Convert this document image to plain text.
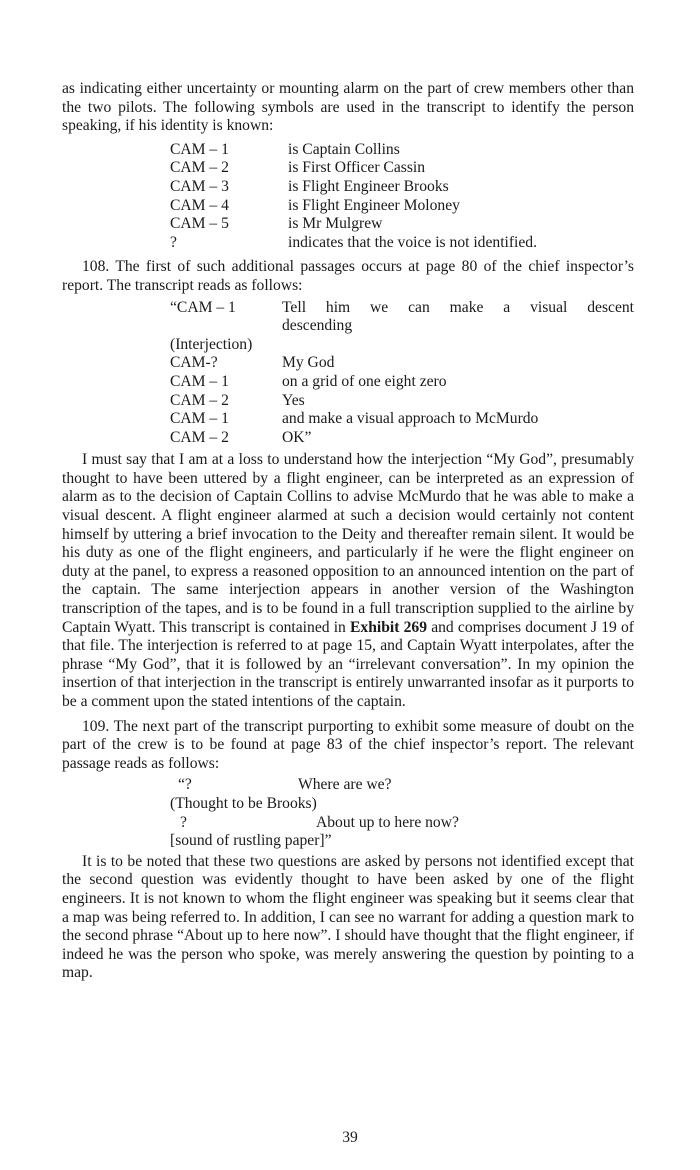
as indicating either uncertainty or mounting alarm on the part of crew members other than the two pilots. The following symbols are used in the transcript to identify the person speaking, if his identity is known:

CAM – 1	is Captain Collins
CAM – 2	is First Officer Cassin
CAM – 3	is Flight Engineer Brooks
CAM – 4	is Flight Engineer Moloney
CAM – 5	is Mr Mulgrew
?	indicates that the voice is not identified.

108. The first of such additional passages occurs at page 80 of the chief inspector’s report. The transcript reads as follows:

“CAM – 1	Tell him we can make a visual descent
	descending
(Interjection)	
CAM-?	My God
CAM – 1	on a grid of one eight zero
CAM – 2	Yes
CAM – 1	and make a visual approach to McMurdo
CAM – 2	OK”

I must say that I am at a loss to understand how the interjection “My God”, presumably thought to have been uttered by a flight engineer, can be interpreted as an expression of alarm as to the decision of Captain Collins to advise McMurdo that he was able to make a visual descent. A flight engineer alarmed at such a decision would certainly not content himself by uttering a brief invocation to the Deity and thereafter remain silent. It would be his duty as one of the flight engineers, and particularly if he were the flight engineer on duty at the panel, to express a reasoned opposition to an announced intention on the part of the captain. The same interjection appears in another version of the Washington transcription of the tapes, and is to be found in a full transcription supplied to the airline by Captain Wyatt. This transcript is contained in Exhibit 269 and comprises document J 19 of that file. The interjection is referred to at page 15, and Captain Wyatt interpolates, after the phrase “My God”, that it is followed by an “irrelevant conversation”. In my opinion the insertion of that interjection in the transcript is entirely unwarranted insofar as it purports to be a comment upon the stated intentions of the captain.

109. The next part of the transcript purporting to exhibit some measure of doubt on the part of the crew is to be found at page 83 of the chief inspector’s report. The relevant passage reads as follows:

“?	Where are we?
(Thought to be Brooks)	
?	About up to here now?
[sound of rustling paper]”	

It is to be noted that these two questions are asked by persons not identified except that the second question was evidently thought to have been asked by one of the flight engineers. It is not known to whom the flight engineer was speaking but it seems clear that a map was being referred to. In addition, I can see no warrant for adding a question mark to the second phrase “About up to here now”. I should have thought that the flight engineer, if indeed he was the person who spoke, was merely answering the question by pointing to a map.

39
